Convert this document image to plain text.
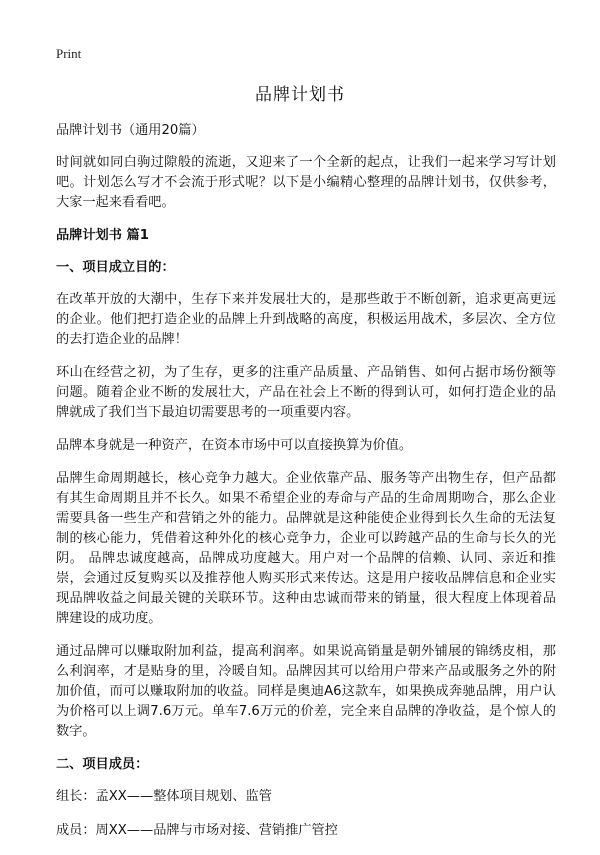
Print
品牌计划书

品牌计划书（通用20篇）

时间就如同白驹过隙般的流逝，又迎来了一个全新的起点，让我们一起来学习写计划吧。计划怎么写才不会流于形式呢？以下是小编精心整理的品牌计划书，仅供参考，大家一起来看看吧。

品牌计划书 篇1

一、项目成立目的：

在改革开放的大潮中，生存下来并发展壮大的，是那些敢于不断创新，追求更高更远的企业。他们把打造企业的品牌上升到战略的高度，积极运用战术，多层次、全方位的去打造企业的品牌！

环山在经营之初，为了生存，更多的注重产品质量、产品销售、如何占据市场份额等问题。随着企业不断的发展壮大，产品在社会上不断的得到认可，如何打造企业的品牌就成了我们当下最迫切需要思考的一项重要内容。

品牌本身就是一种资产，在资本市场中可以直接换算为价值。

品牌生命周期越长，核心竞争力越大。企业依靠产品、服务等产出物生存，但产品都有其生命周期且并不长久。如果不希望企业的寿命与产品的生命周期吻合，那么企业需要具备一些生产和营销之外的能力。品牌就是这种能使企业得到长久生命的无法复制的核心能力，凭借着这种外化的核心竞争力，企业可以跨越产品的生命与长久的光阴。 品牌忠诚度越高，品牌成功度越大。用户对一个品牌的信赖、认同、亲近和推崇，会通过反复购买以及推荐他人购买形式来传达。这是用户接收品牌信息和企业实现品牌收益之间最关键的关联环节。这种由忠诚而带来的销量，很大程度上体现着品牌建设的成功度。

通过品牌可以赚取附加利益，提高利润率。如果说高销量是朝外铺展的锦绣皮相，那么利润率，才是贴身的里，冷暖自知。品牌因其可以给用户带来产品或服务之外的附加价值，而可以赚取附加的收益。同样是奥迪A6这款车，如果换成奔驰品牌，用户认为价格可以上调7.6万元。单车7.6万元的价差，完全来自品牌的净收益，是个惊人的数字。

二、项目成员：

组长：孟XX——整体项目规划、监管

成员：周XX——品牌与市场对接、营销推广管控
